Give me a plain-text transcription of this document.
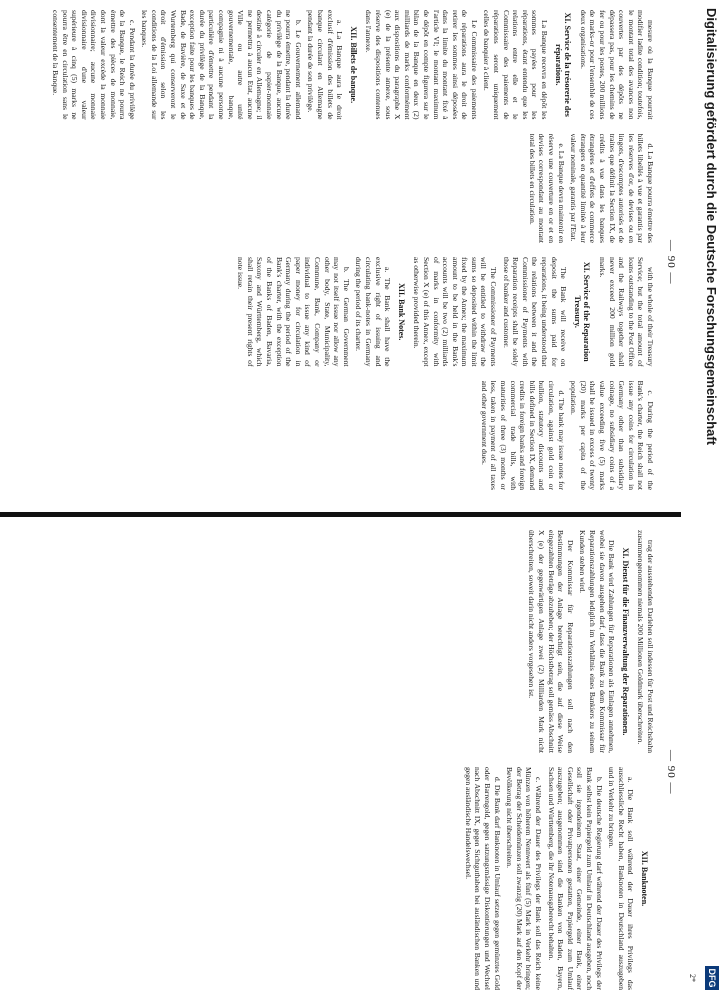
Digitalisierung gefördert durch die Deutsche Forschungsgemeinschaft
DFG
2*
— 90 —

mesure où la Banque pourrait modifier ladite condition; toutefois, le montant total des avances non couvertes par des dépôts ne dépassera pas, pour les chemins de fer ou pour les postes, 200 millions de marks-or pour l'ensemble de ces deux organisations.

XI. Service de la trésorerie des réparations.

La Banque recevra en dépôt les sommes payées pour les réparations, étant entendu que les relations entre elle et le Commissaire des paiements de réparations seront uniquement celles de banquier à client.

Le Commissaire des paiements de réparations aura le droit de retirer les sommes ainsi déposées dans la limite du montant fixé à l'article VI; le montant maximum de dépôt en compte figurera sur le bilan de la Banque en deux (2) milliards de marks conformément aux dispositions du paragraphe X (e) de la présente annexe, sous réserve des dispositions contenues dans l'annexe.

XII. Billets de banque.

a. La Banque aura le droit exclusif d'émission des billets de banque circulant en Allemagne pendant la durée de son privilège.

b. Le Gouvernement allemand ne pourra émettre, pendant la durée du privilège de la Banque, aucune catégorie de papier-monnaie destiné à circuler en Allemagne; il ne permettra à aucun Etat, aucune Ville ou autre unité gouvernementale, banque, compagnie ni à aucune personne particulière d'émettre pendant la durée du privilège de la Banque, exception faite pour les banques de Bade, de Bavière, de Saxe et de Wurtemberg qui conserveront le droit d'émission selon les conditions de la Loi allemande sur les banques.

c. Pendant la durée du privilège de la Banque, le Reich ne pourra émettre des pièces de monnaie, dont la valeur excède la monnaie divisionnaire; aucune monnaie divisionnaire d'une valeur supérieure à cinq (5) marks ne pourra être en circulation sans le consentement de la Banque.

d. La Banque pourra émettre des billets libellés à vue et garantis par les réserves d'or, de devises ou en lingots, d'escomptes autorisés et de traites que définit la Section IX, de crédits à vue dans les banques étrangères et d'effets de commerce étrangers en quantité limitée à leur valeur nominale, garantis par l'Etat.

e. La Banque devra maintenir en réserve une couverture en or et en devises correspondant au montant total des billets en circulation.

with the whole of their Treasury Service; but the total amount of loans outstanding to the Post Office and the Railways together shall never exceed 200 million gold marks.

XI. Service of the Reparation Treasury.

The Bank will receive on deposit the sums paid for reparations, it being understood that the relations between it and the Commissioner of Payments with Reparation receipts shall be solely those of banker and customer.

The Commissioner of Payments will be entitled to withdraw the sums so deposited within the limit fixed by the Annex; the maximum amount to be held in the Bank's accounts will be two (2) milliards of marks in conformity with Section X (e) of this Annex, except as otherwise provided therein.

XII. Bank Notes.

a. The Bank shall have the exclusive right of issuing and circulating bank-notes in Germany during the period of its charter.

b. The German Government may not itself issue nor allow any other body, State, Municipality, Commune, Bank, Company or individual to issue any kind of paper money for circulation in Germany during the period of the Bank's charter, with the exception of the Banks of Baden, Bavaria, Saxony and Württemberg, which shall retain their present rights of note issue.

c. During the period of the Bank's charter, the Reich shall not issue any coins for circulation in Germany other than subsidiary coinage, no subsidiary coins of a value exceeding five (5) marks shall be issued in excess of twenty (20) marks per capita of the population.

d. The bank may issue notes for circulation, against gold coin or bullion, statutory discounts and bills defined in Section IX, demand credits in foreign banks and foreign commercial trade bills, with maturities of three (3) months or less, taken in payment of all taxes and other government dues.

— 90 —

trag der ausstehenden Darlehen soll indessen für Post und Reichsbahn zusammengenommen niemals 200 Millionen Goldmark überschreiten.

XI. Dienst für die Finanzverwaltung der Reparationen.

Die Bank wird Zahlungen für Reparationen als Einlagen annehmen, wobei sie davon ausgehen darf, dass die Bank zu dem Kommissar für Reparationszahlungen lediglich im Verhältnis eines Bankiers zu seinem Kunden stehen wird.

Der Kommissar für Reparationszahlungen soll nach den Bestimmungen der Anlage berechtigt sein, die auf diese Weise eingezahlten Beträge abzuheben; der Höchstbetrag soll gemäss Abschnitt X (e) der gegenwärtigen Anlage zwei (2) Milliarden Mark nicht überschreiten, soweit darin nicht anders vorgesehen ist.

XII. Banknoten.

a. Die Bank soll während der Dauer ihres Privilegs das ausschliessliche Recht haben, Banknoten in Deutschland auszugeben und in Verkehr zu bringen.

b. Die deutsche Regierung darf während der Dauer des Privilegs der Bank selbst kein Papiergeld zum Umlauf in Deutschland ausgeben, noch soll sie irgendeinem Staat, einer Gemeinde, einer Bank, einer Gesellschaft oder Privatpersonen gestatten, Papiergeld zum Umlauf auszugeben; ausgenommen sind die Banken von Baden, Bayern, Sachsen und Württemberg, die ihr Notenausgaberecht behalten.

c. Während der Dauer des Privilegs der Bank soll das Reich keine Münzen von höherem Nennwert als fünf (5) Mark in Verkehr bringen; der Betrag der Scheidemünzen soll zwanzig (20) Mark auf den Kopf der Bevölkerung nicht überschreiten.

d. Die Bank darf Banknoten in Umlauf setzen gegen gemünztes Gold oder Barrengold, gegen satzungsmässige Diskontierungen und Wechsel nach Abschnitt IX, gegen Sichtguthaben bei ausländischen Banken und gegen ausländische Handelswechsel.
